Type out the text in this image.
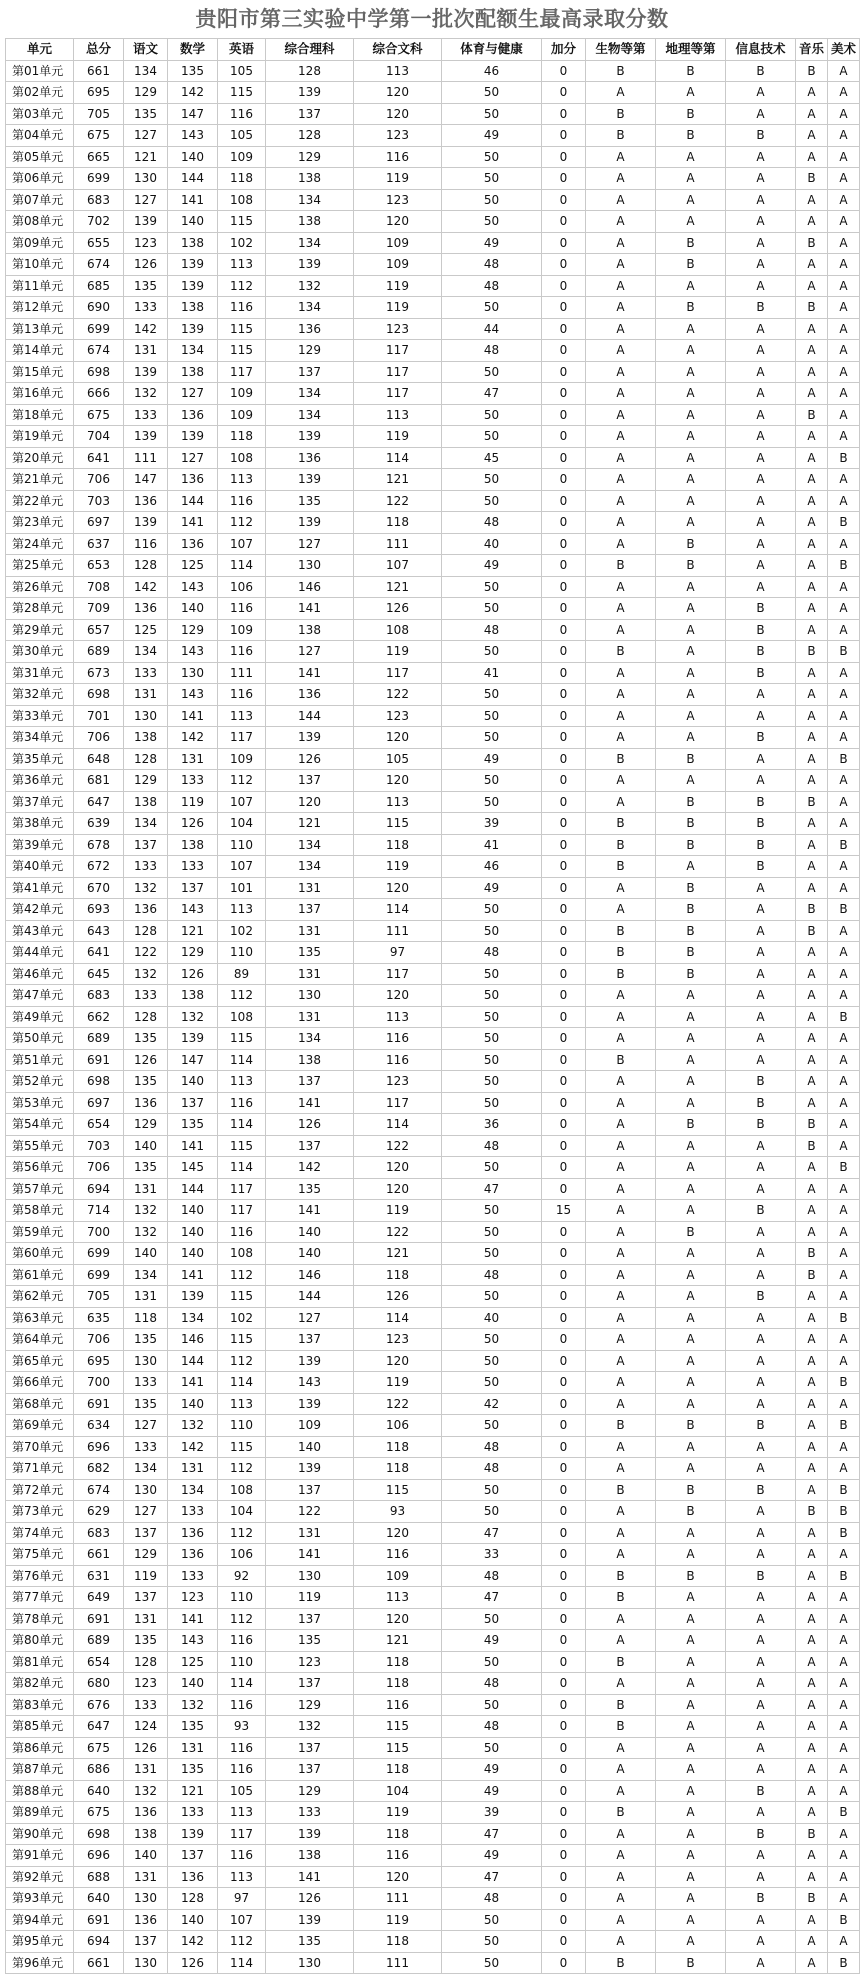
贵阳市第三实验中学第一批次配额生最高录取分数
单元	总分	语文	数学	英语	综合理科	综合文科	体育与健康	加分	生物等第	地理等第	信息技术	音乐	美术
第01单元	661	134	135	105	128	113	46	0	B	B	B	B	A
第02单元	695	129	142	115	139	120	50	0	A	A	A	A	A
第03单元	705	135	147	116	137	120	50	0	B	B	A	A	A
第04单元	675	127	143	105	128	123	49	0	B	B	B	A	A
第05单元	665	121	140	109	129	116	50	0	A	A	A	A	A
第06单元	699	130	144	118	138	119	50	0	A	A	A	B	A
第07单元	683	127	141	108	134	123	50	0	A	A	A	A	A
第08单元	702	139	140	115	138	120	50	0	A	A	A	A	A
第09单元	655	123	138	102	134	109	49	0	A	B	A	B	A
第10单元	674	126	139	113	139	109	48	0	A	B	A	A	A
第11单元	685	135	139	112	132	119	48	0	A	A	A	A	A
第12单元	690	133	138	116	134	119	50	0	A	B	B	B	A
第13单元	699	142	139	115	136	123	44	0	A	A	A	A	A
第14单元	674	131	134	115	129	117	48	0	A	A	A	A	A
第15单元	698	139	138	117	137	117	50	0	A	A	A	A	A
第16单元	666	132	127	109	134	117	47	0	A	A	A	A	A
第18单元	675	133	136	109	134	113	50	0	A	A	A	B	A
第19单元	704	139	139	118	139	119	50	0	A	A	A	A	A
第20单元	641	111	127	108	136	114	45	0	A	A	A	A	B
第21单元	706	147	136	113	139	121	50	0	A	A	A	A	A
第22单元	703	136	144	116	135	122	50	0	A	A	A	A	A
第23单元	697	139	141	112	139	118	48	0	A	A	A	A	B
第24单元	637	116	136	107	127	111	40	0	A	B	A	A	A
第25单元	653	128	125	114	130	107	49	0	B	B	A	A	B
第26单元	708	142	143	106	146	121	50	0	A	A	A	A	A
第28单元	709	136	140	116	141	126	50	0	A	A	B	A	A
第29单元	657	125	129	109	138	108	48	0	A	A	B	A	A
第30单元	689	134	143	116	127	119	50	0	B	A	B	B	B
第31单元	673	133	130	111	141	117	41	0	A	A	B	A	A
第32单元	698	131	143	116	136	122	50	0	A	A	A	A	A
第33单元	701	130	141	113	144	123	50	0	A	A	A	A	A
第34单元	706	138	142	117	139	120	50	0	A	A	B	A	A
第35单元	648	128	131	109	126	105	49	0	B	B	A	A	B
第36单元	681	129	133	112	137	120	50	0	A	A	A	A	A
第37单元	647	138	119	107	120	113	50	0	A	B	B	B	A
第38单元	639	134	126	104	121	115	39	0	B	B	B	A	A
第39单元	678	137	138	110	134	118	41	0	B	B	B	A	B
第40单元	672	133	133	107	134	119	46	0	B	A	B	A	A
第41单元	670	132	137	101	131	120	49	0	A	B	A	A	A
第42单元	693	136	143	113	137	114	50	0	A	B	A	B	B
第43单元	643	128	121	102	131	111	50	0	B	B	A	B	A
第44单元	641	122	129	110	135	97	48	0	B	B	A	A	A
第46单元	645	132	126	89	131	117	50	0	B	B	A	A	A
第47单元	683	133	138	112	130	120	50	0	A	A	A	A	A
第49单元	662	128	132	108	131	113	50	0	A	A	A	A	B
第50单元	689	135	139	115	134	116	50	0	A	A	A	A	A
第51单元	691	126	147	114	138	116	50	0	B	A	A	A	A
第52单元	698	135	140	113	137	123	50	0	A	A	B	A	A
第53单元	697	136	137	116	141	117	50	0	A	A	B	A	A
第54单元	654	129	135	114	126	114	36	0	A	B	B	B	A
第55单元	703	140	141	115	137	122	48	0	A	A	A	B	A
第56单元	706	135	145	114	142	120	50	0	A	A	A	A	B
第57单元	694	131	144	117	135	120	47	0	A	A	A	A	A
第58单元	714	132	140	117	141	119	50	15	A	A	B	A	A
第59单元	700	132	140	116	140	122	50	0	A	B	A	A	A
第60单元	699	140	140	108	140	121	50	0	A	A	A	B	A
第61单元	699	134	141	112	146	118	48	0	A	A	A	B	A
第62单元	705	131	139	115	144	126	50	0	A	A	B	A	A
第63单元	635	118	134	102	127	114	40	0	A	A	A	A	B
第64单元	706	135	146	115	137	123	50	0	A	A	A	A	A
第65单元	695	130	144	112	139	120	50	0	A	A	A	A	A
第66单元	700	133	141	114	143	119	50	0	A	A	A	A	B
第68单元	691	135	140	113	139	122	42	0	A	A	A	A	A
第69单元	634	127	132	110	109	106	50	0	B	B	B	A	B
第70单元	696	133	142	115	140	118	48	0	A	A	A	A	A
第71单元	682	134	131	112	139	118	48	0	A	A	A	A	A
第72单元	674	130	134	108	137	115	50	0	B	B	B	A	B
第73单元	629	127	133	104	122	93	50	0	A	B	A	B	B
第74单元	683	137	136	112	131	120	47	0	A	A	A	A	B
第75单元	661	129	136	106	141	116	33	0	A	A	A	A	A
第76单元	631	119	133	92	130	109	48	0	B	B	B	A	B
第77单元	649	137	123	110	119	113	47	0	B	A	A	A	A
第78单元	691	131	141	112	137	120	50	0	A	A	A	A	A
第80单元	689	135	143	116	135	121	49	0	A	A	A	A	A
第81单元	654	128	125	110	123	118	50	0	B	A	A	A	A
第82单元	680	123	140	114	137	118	48	0	A	A	A	A	A
第83单元	676	133	132	116	129	116	50	0	B	A	A	A	A
第85单元	647	124	135	93	132	115	48	0	B	A	A	A	A
第86单元	675	126	131	116	137	115	50	0	A	A	A	A	A
第87单元	686	131	135	116	137	118	49	0	A	A	A	A	A
第88单元	640	132	121	105	129	104	49	0	A	A	B	A	A
第89单元	675	136	133	113	133	119	39	0	B	A	A	A	B
第90单元	698	138	139	117	139	118	47	0	A	A	B	B	A
第91单元	696	140	137	116	138	116	49	0	A	A	A	A	A
第92单元	688	131	136	113	141	120	47	0	A	A	A	A	A
第93单元	640	130	128	97	126	111	48	0	A	A	B	B	A
第94单元	691	136	140	107	139	119	50	0	A	A	A	A	B
第95单元	694	137	142	112	135	118	50	0	A	A	A	A	A
第96单元	661	130	126	114	130	111	50	0	B	B	A	A	B
